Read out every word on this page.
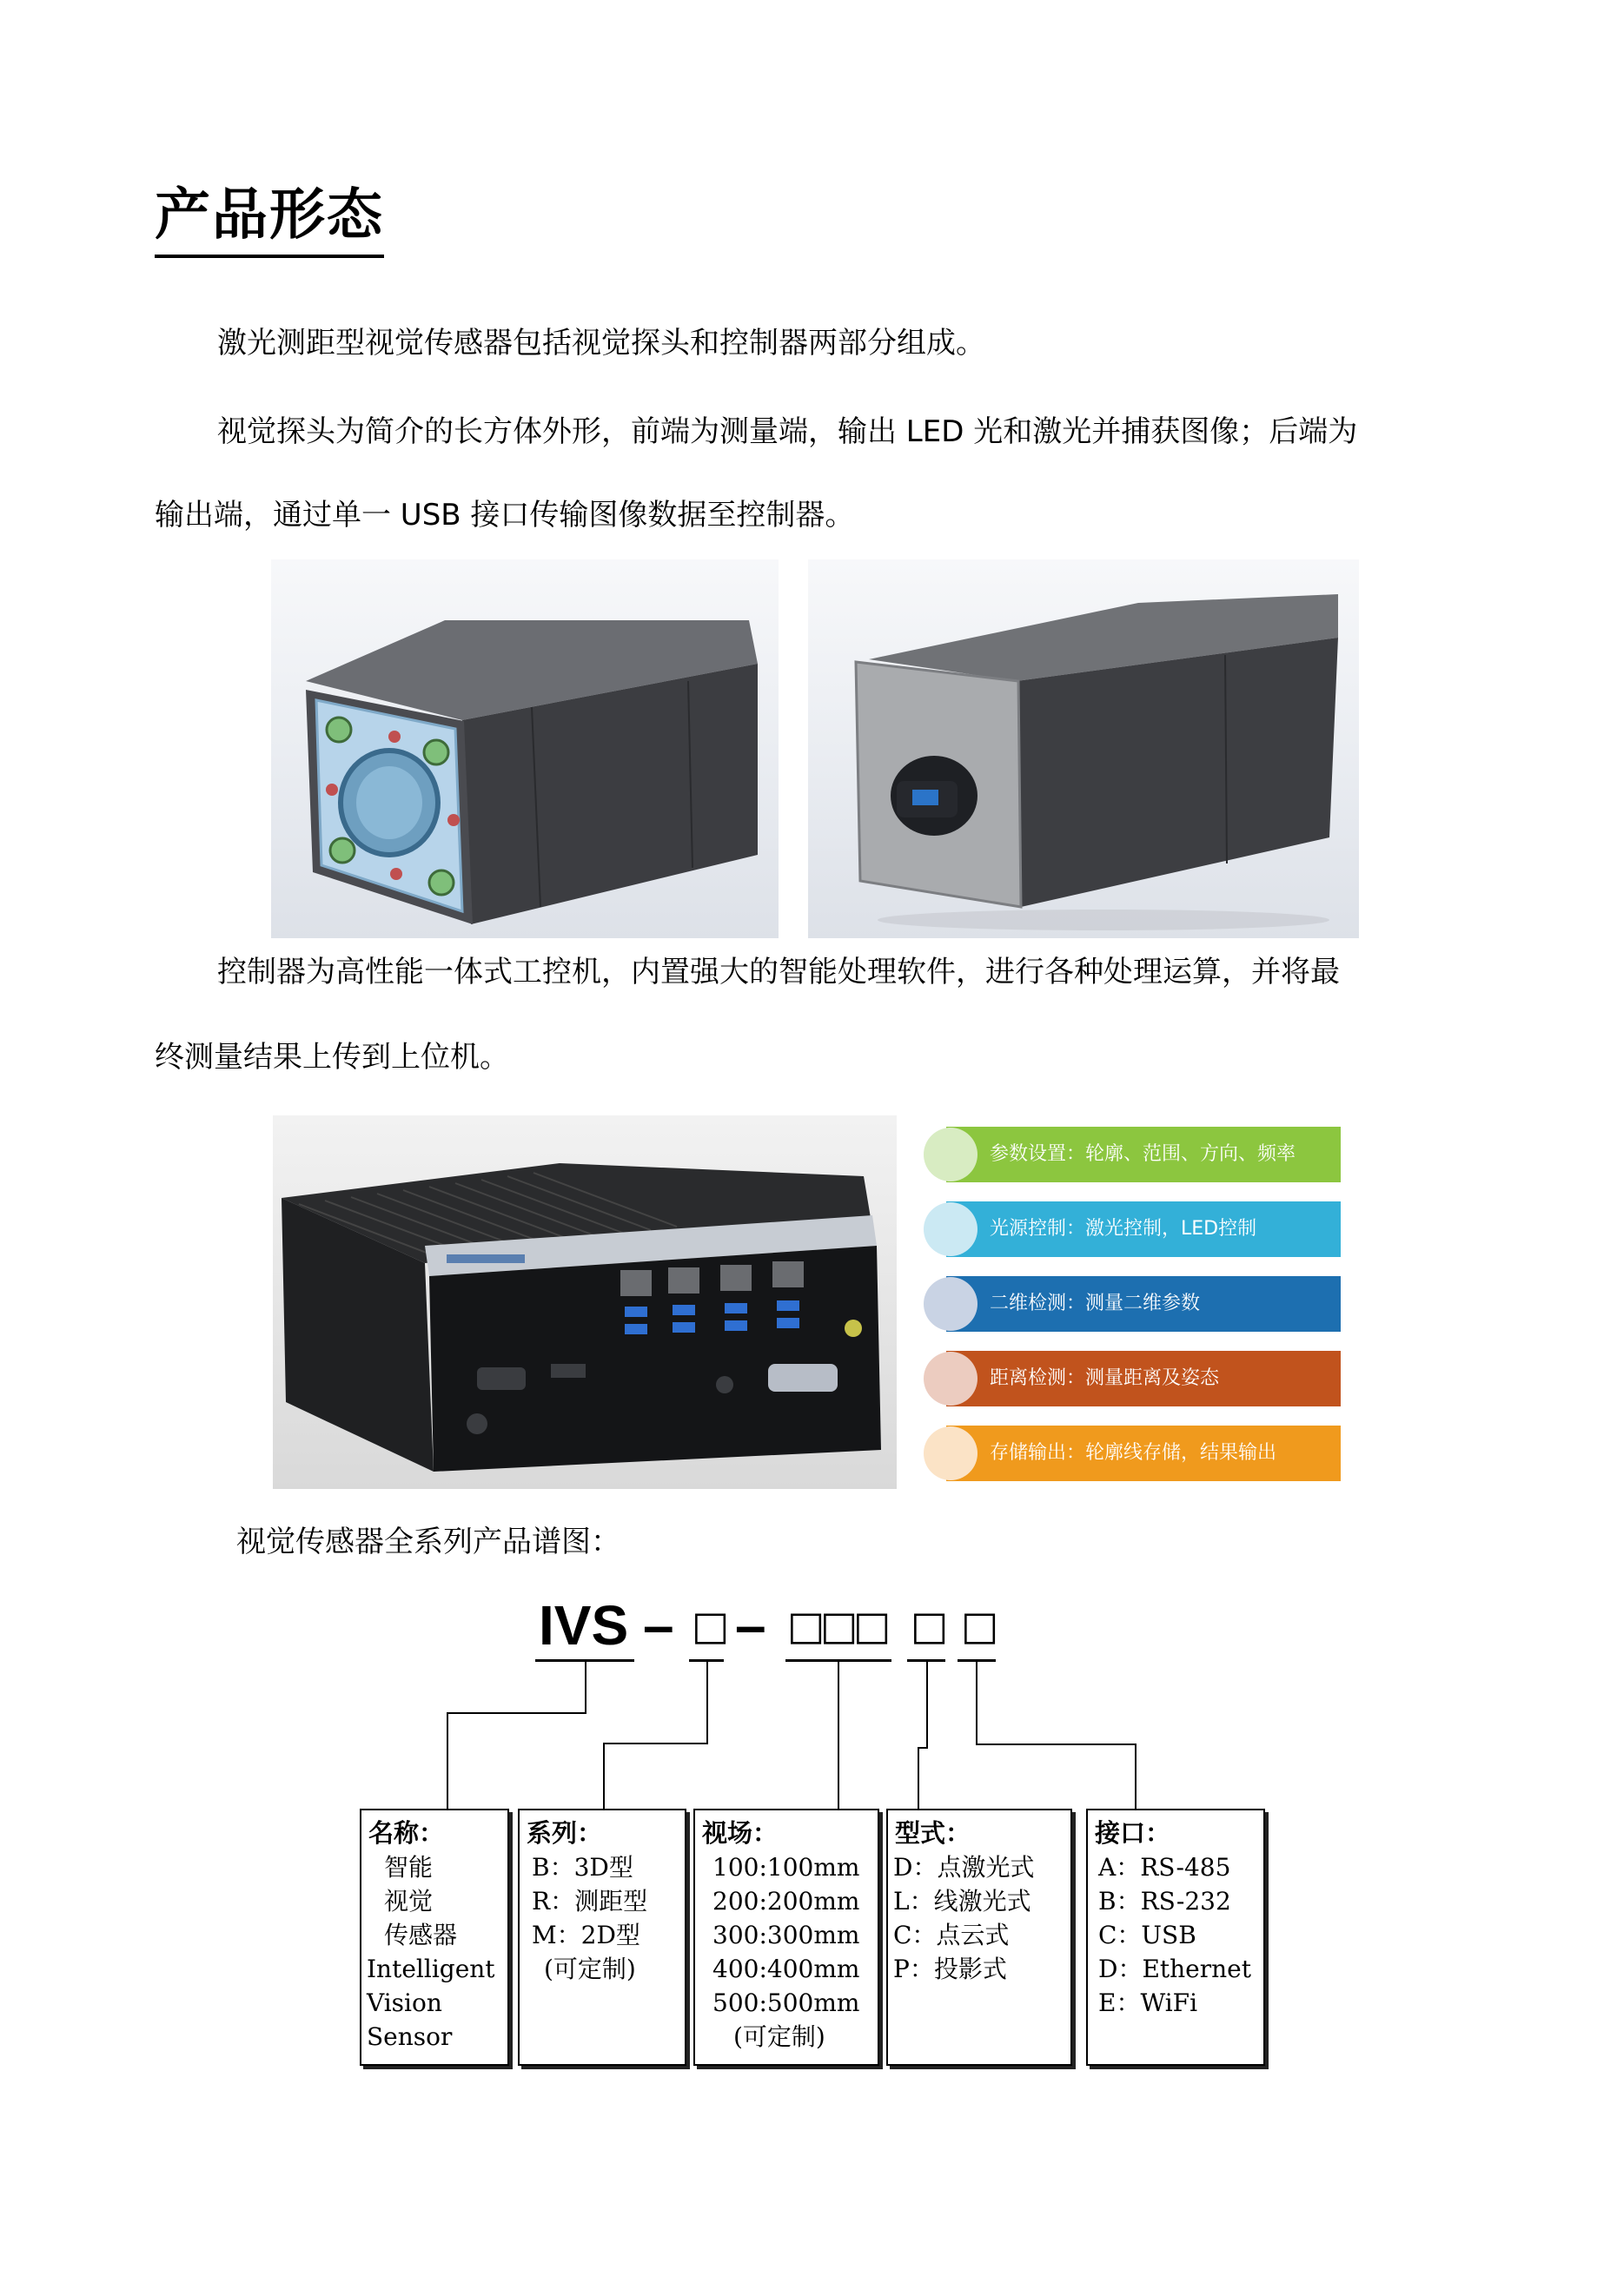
产品形态
激光测距型视觉传感器包括视觉探头和控制器两部分组成。
视觉探头为简介的长方体外形，前端为测量端，输出 LED 光和激光并捕获图像；后端为
输出端，通过单一 USB 接口传输图像数据至控制器。
控制器为高性能一体式工控机，内置强大的智能处理软件，进行各种处理运算，并将最
终测量结果上传到上位机。
参数设置：轮廓、范围、方向、频率
光源控制：激光控制，LED控制
二维检测：测量二维参数
距离检测：测量距离及姿态
存储输出：轮廓线存储，结果输出
视觉传感器全系列产品谱图：
IVS – □ – □
□
□ □ □
名称：
智能
视觉
传感器
Intelligent
Vision
Sensor
系列：
B：3D型
R：测距型
M：2D型
(可定制)
视场：
100:100mm
200:200mm
300:300mm
400:400mm
500:500mm
(可定制)
型式：
D：点激光式
L：线激光式
C：点云式
P：投影式
接口：
A：RS-485
B：RS-232
C：USB
D：Ethernet
E：WiFi
